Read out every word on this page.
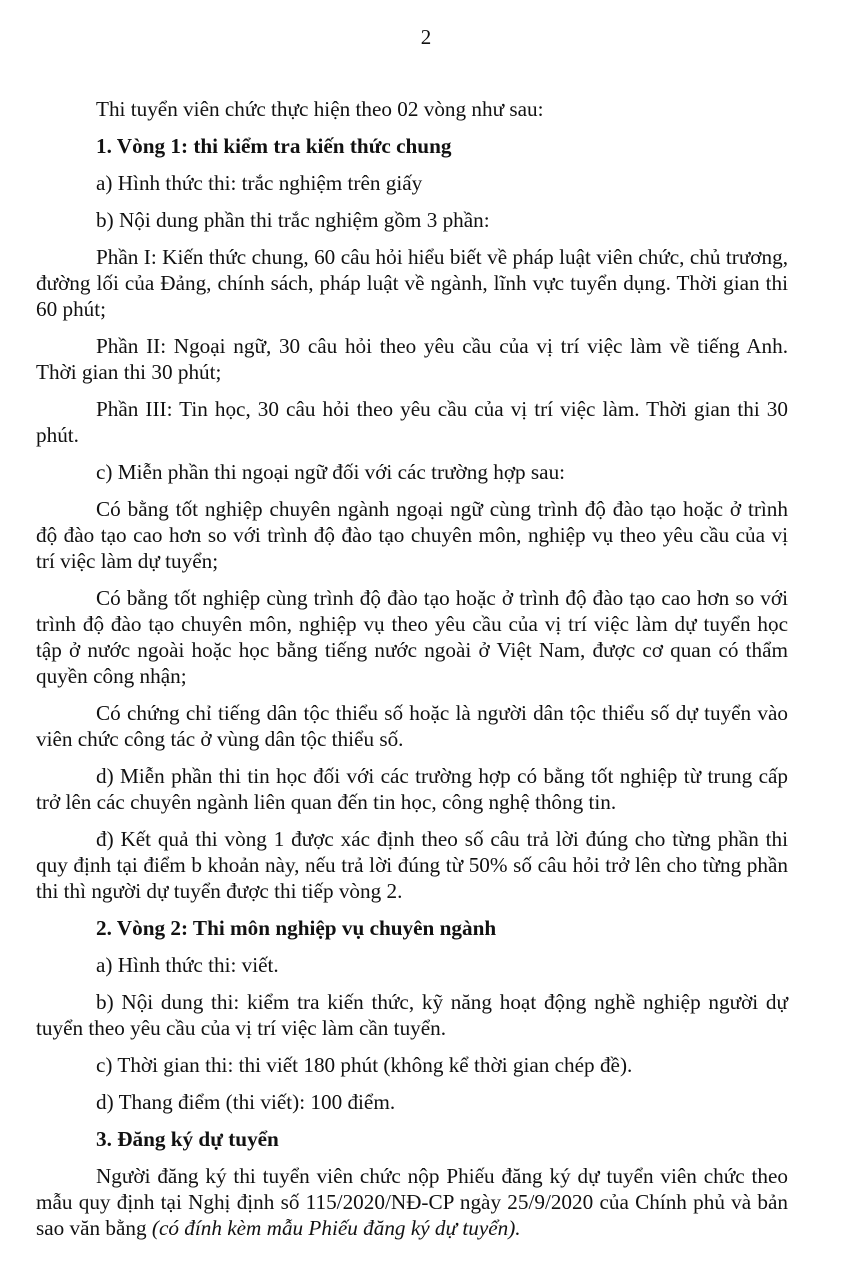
2

Thi tuyển viên chức thực hiện theo 02 vòng như sau:

1. Vòng 1: thi kiểm tra kiến thức chung

a) Hình thức thi: trắc nghiệm trên giấy

b) Nội dung phần thi trắc nghiệm gồm 3 phần:

Phần I: Kiến thức chung, 60 câu hỏi hiểu biết về pháp luật viên chức, chủ trương, đường lối của Đảng, chính sách, pháp luật về ngành, lĩnh vực tuyển dụng. Thời gian thi 60 phút;

Phần II: Ngoại ngữ, 30 câu hỏi theo yêu cầu của vị trí việc làm về tiếng Anh. Thời gian thi 30 phút;

Phần III: Tin học, 30 câu hỏi theo yêu cầu của vị trí việc làm. Thời gian thi 30 phút.

c) Miễn phần thi ngoại ngữ đối với các trường hợp sau:

Có bằng tốt nghiệp chuyên ngành ngoại ngữ cùng trình độ đào tạo hoặc ở trình độ đào tạo cao hơn so với trình độ đào tạo chuyên môn, nghiệp vụ theo yêu cầu của vị trí việc làm dự tuyển;

Có bằng tốt nghiệp cùng trình độ đào tạo hoặc ở trình độ đào tạo cao hơn so với trình độ đào tạo chuyên môn, nghiệp vụ theo yêu cầu của vị trí việc làm dự tuyển học tập ở nước ngoài hoặc học bằng tiếng nước ngoài ở Việt Nam, được cơ quan có thẩm quyền công nhận;

Có chứng chỉ tiếng dân tộc thiểu số hoặc là người dân tộc thiểu số dự tuyển vào viên chức công tác ở vùng dân tộc thiểu số.

d) Miễn phần thi tin học đối với các trường hợp có bằng tốt nghiệp từ trung cấp trở lên các chuyên ngành liên quan đến tin học, công nghệ thông tin.

đ) Kết quả thi vòng 1 được xác định theo số câu trả lời đúng cho từng phần thi quy định tại điểm b khoản này, nếu trả lời đúng từ 50% số câu hỏi trở lên cho từng phần thi thì người dự tuyển được thi tiếp vòng 2.

2. Vòng 2: Thi môn nghiệp vụ chuyên ngành

a) Hình thức thi: viết.

b) Nội dung thi: kiểm tra kiến thức, kỹ năng hoạt động nghề nghiệp người dự tuyển theo yêu cầu của vị trí việc làm cần tuyển.

c) Thời gian thi: thi viết 180 phút (không kể thời gian chép đề).

d) Thang điểm (thi viết): 100 điểm.

3. Đăng ký dự tuyển

Người đăng ký thi tuyển viên chức nộp Phiếu đăng ký dự tuyển viên chức theo mẫu quy định tại Nghị định số 115/2020/NĐ-CP ngày 25/9/2020 của Chính phủ và bản sao văn bằng (có đính kèm mẫu Phiếu đăng ký dự tuyển).
